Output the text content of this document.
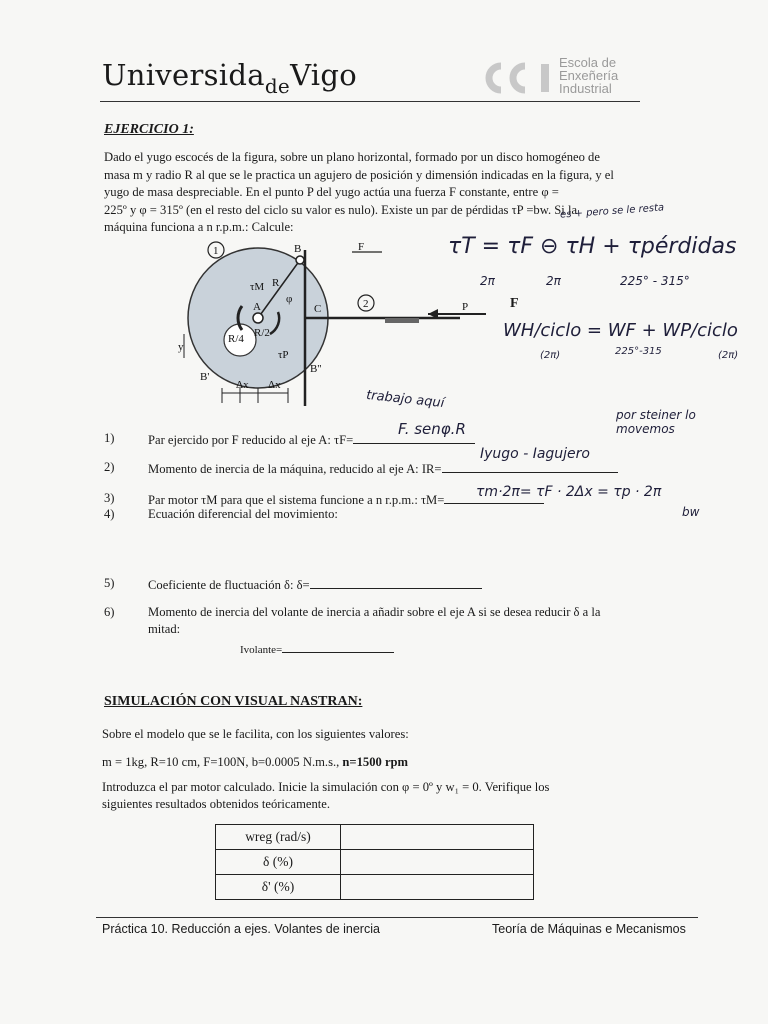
Universida$_{de}$Vigo	Escola de
Enxeñería
Industrial
EJERCICIO 1:
Dado el yugo escocés de la figura, sobre un plano horizontal, formado por un disco homogéneo de
masa m y radio R al que se le practica un agujero de posición y dimensión indicadas en la figura, y el
yugo de masa despreciable. En el punto P del yugo actúa una fuerza F constante, entre φ =
225º y φ = 315º (en el resto del ciclo su valor es nulo). Existe un par de pérdidas τP =bw. Si la
máquina funciona a n r.p.m.: Calcule:
1	B
R
τM
A
φ
C
R/2
R/4
τP
y
B'
B''
Δx Δx
2	P
F
F
es + pero se le resta
τT = τF ⊖ τH + τpérdidas
2π	2π	225° - 315°
WH/ciclo = WF + WP/ciclo
(2π)	225°-315	(2π)
trabajo aquí
por steiner lo movemos
1)	Par ejercido por F reducido al eje A: τF=
F. senφ.R
2)	Momento de inercia de la máquina, reducido al eje A: IR=
Iyugo - Iagujero
3)	Par motor τM para que el sistema funcione a n r.p.m.: τM=	τm·2π= τF · 2Δx = τp · 2π
bw
4)	Ecuación diferencial del movimiento:
5)	Coeficiente de fluctuación δ: δ=
6)	Momento de inercia del volante de inercia a añadir sobre el eje A si se desea reducir δ a la
mitad:
Ivolante=
SIMULACIÓN CON VISUAL NASTRAN:
Sobre el modelo que se le facilita, con los siguientes valores:
m = 1kg, R=10 cm, F=100N, b=0.0005 N.m.s., n=1500 rpm
Introduzca el par motor calculado. Inicie la simulación con φ = 0º y w₁ = 0. Verifique los
siguientes resultados obtenidos teóricamente.
wreg (rad/s)	
δ (%)	
δ' (%)	
Práctica 10. Reducción a ejes. Volantes de inercia	Teoría de Máquinas e Mecanismos
